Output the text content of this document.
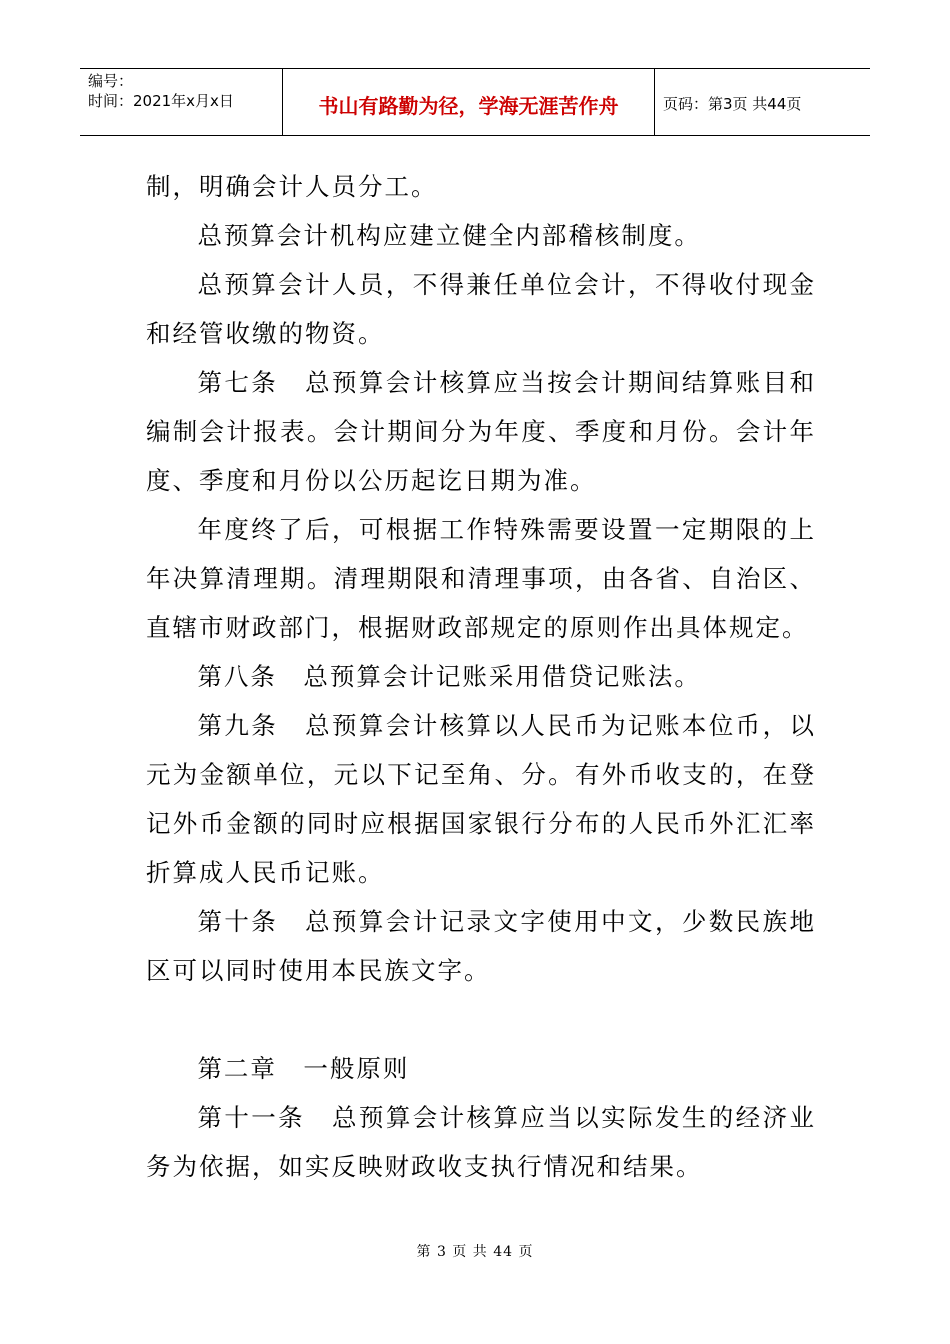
编号：
时间：2021年x月x日	书山有路勤为径，学海无涯苦作舟	页码：第3页 共44页

制，明确会计人员分工。

总预算会计机构应建立健全内部稽核制度。

总预算会计人员，不得兼任单位会计，不得收付现金和经管收缴的物资。

第七条　总预算会计核算应当按会计期间结算账目和编制会计报表。会计期间分为年度、季度和月份。会计年度、季度和月份以公历起讫日期为准。

年度终了后，可根据工作特殊需要设置一定期限的上年决算清理期。清理期限和清理事项，由各省、自治区、直辖市财政部门，根据财政部规定的原则作出具体规定。

第八条　总预算会计记账采用借贷记账法。

第九条　总预算会计核算以人民币为记账本位币，以元为金额单位，元以下记至角、分。有外币收支的，在登记外币金额的同时应根据国家银行分布的人民币外汇汇率折算成人民币记账。

第十条　总预算会计记录文字使用中文，少数民族地区可以同时使用本民族文字。

第二章　一般原则

第十一条　总预算会计核算应当以实际发生的经济业务为依据，如实反映财政收支执行情况和结果。

第 3 页 共 44 页
